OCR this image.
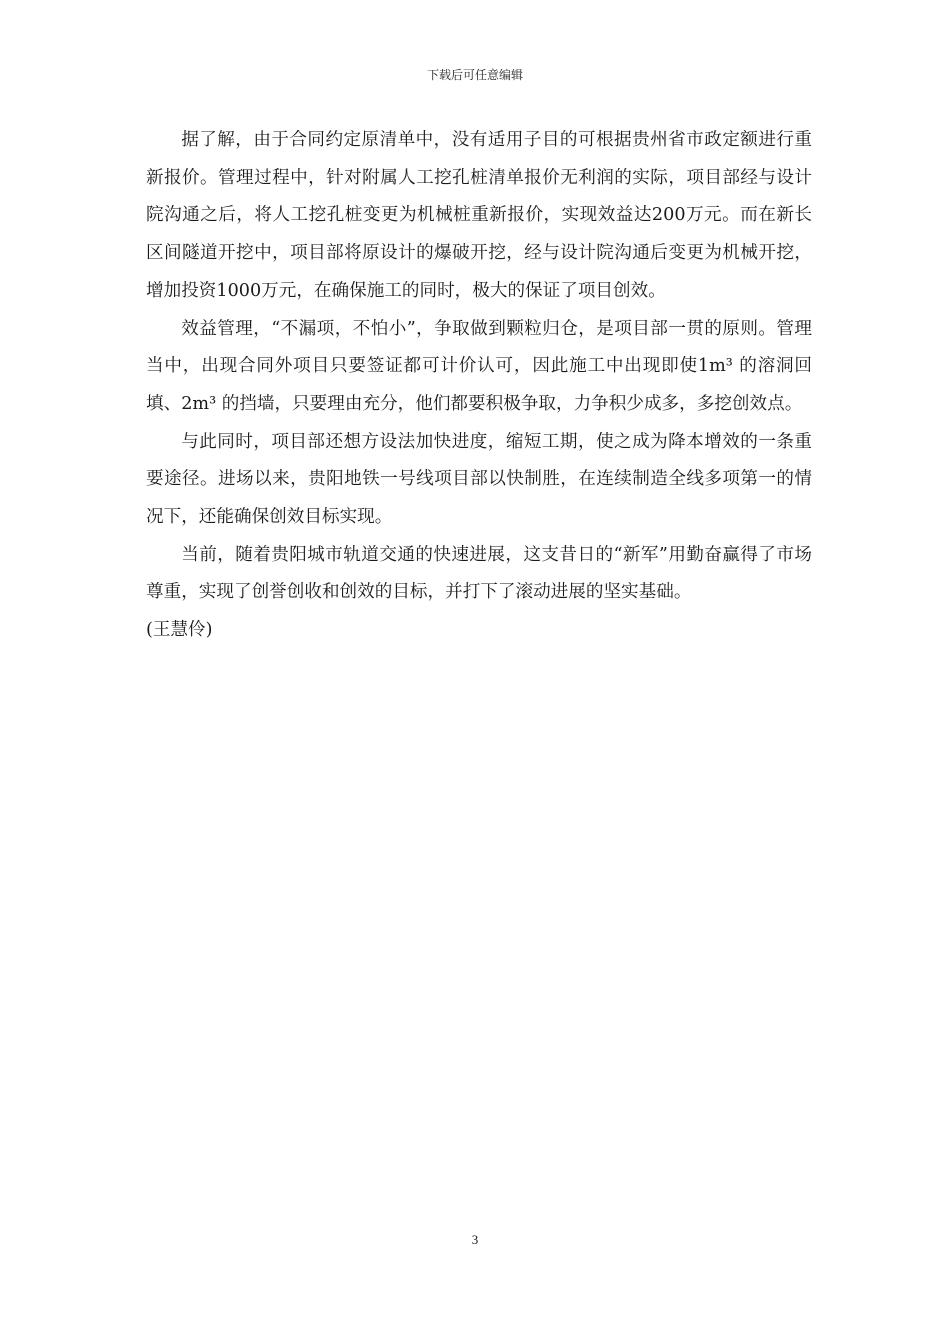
下载后可任意编辑

据了解，由于合同约定原清单中，没有适用子目的可根据贵州省市政定额进行重新报价。管理过程中，针对附属人工挖孔桩清单报价无利润的实际，项目部经与设计院沟通之后，将人工挖孔桩变更为机械桩重新报价，实现效益达200万元。而在新长区间隧道开挖中，项目部将原设计的爆破开挖，经与设计院沟通后变更为机械开挖，增加投资1000万元，在确保施工的同时，极大的保证了项目创效。

效益管理，“不漏项，不怕小”，争取做到颗粒归仓，是项目部一贯的原则。管理当中，出现合同外项目只要签证都可计价认可，因此施工中出现即使1m³ 的溶洞回填、2m³ 的挡墙，只要理由充分，他们都要积极争取，力争积少成多，多挖创效点。

与此同时，项目部还想方设法加快进度，缩短工期，使之成为降本增效的一条重要途径。进场以来，贵阳地铁一号线项目部以快制胜，在连续制造全线多项第一的情况下，还能确保创效目标实现。

当前，随着贵阳城市轨道交通的快速进展，这支昔日的“新军”用勤奋赢得了市场尊重，实现了创誉创收和创效的目标，并打下了滚动进展的坚实基础。

(王慧伶)

3
